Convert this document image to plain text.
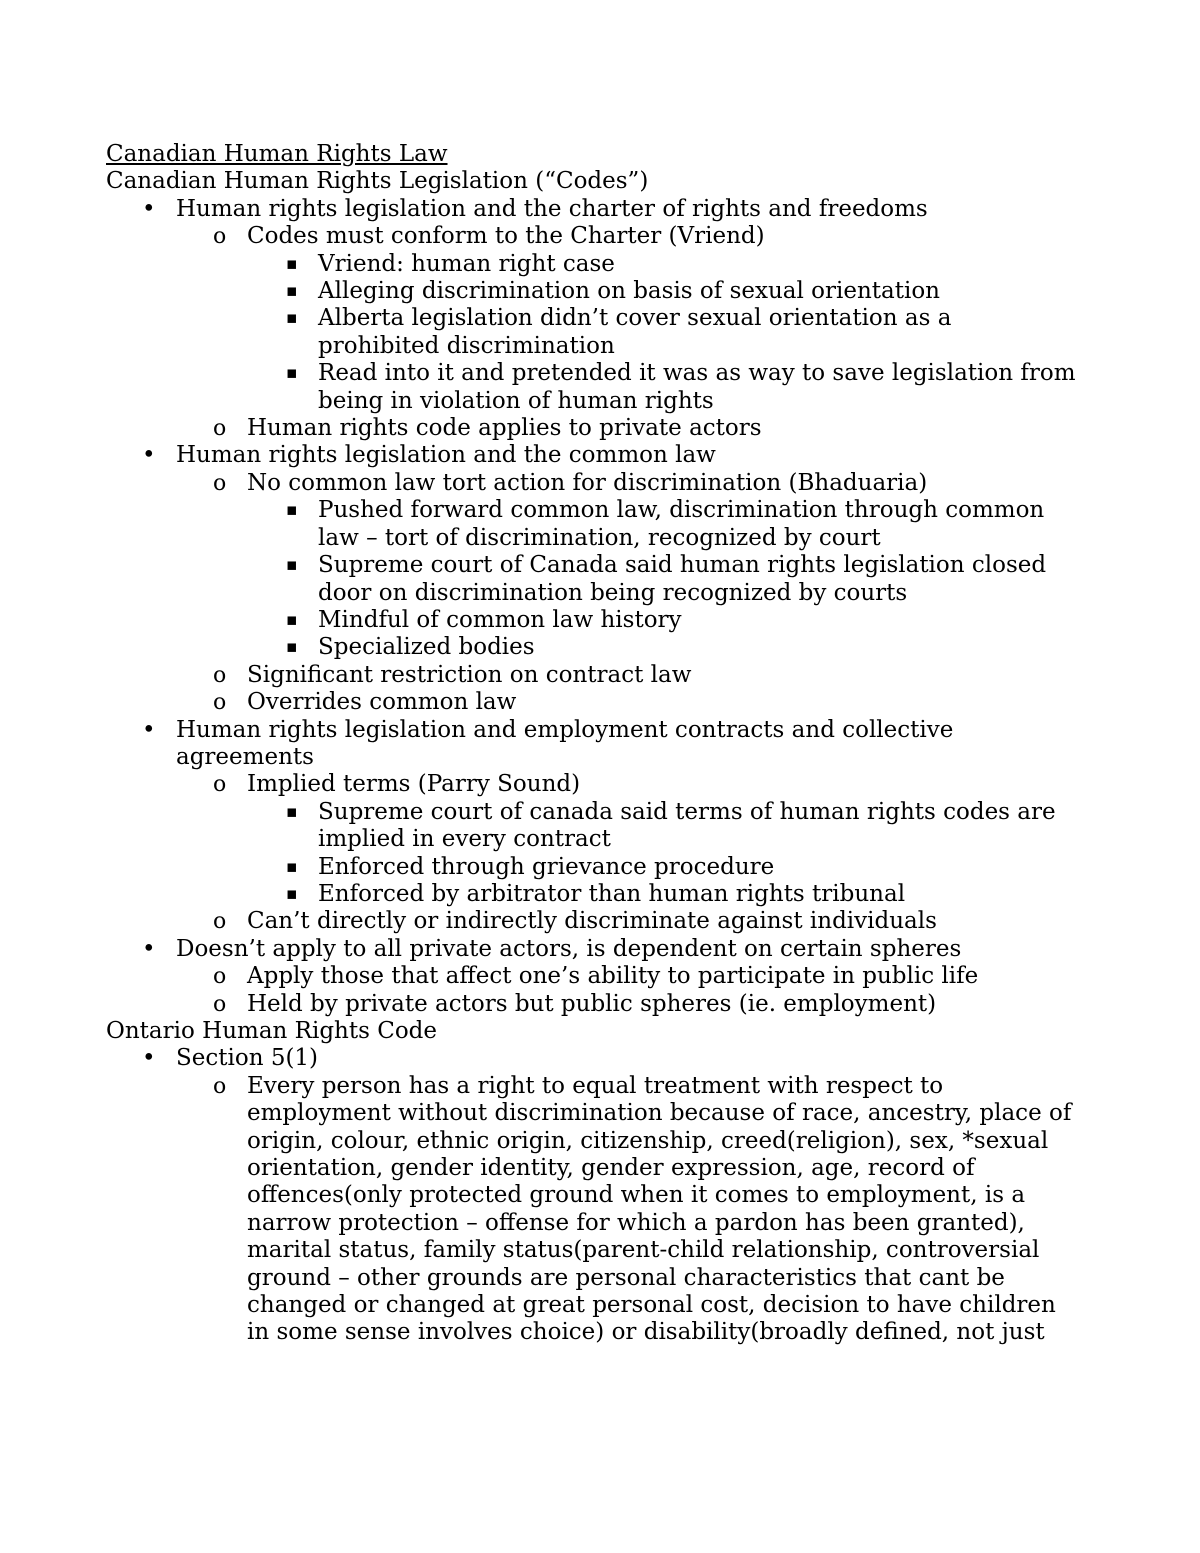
Canadian Human Rights Law
Canadian Human Rights Legislation (“Codes”)
• Human rights legislation and the charter of rights and freedoms
o Codes must conform to the Charter (Vriend)
▪ Vriend: human right case
▪ Alleging discrimination on basis of sexual orientation
▪ Alberta legislation didn’t cover sexual orientation as a
prohibited discrimination
▪ Read into it and pretended it was as way to save legislation from
being in violation of human rights
o Human rights code applies to private actors
• Human rights legislation and the common law
o No common law tort action for discrimination (Bhaduaria)
▪ Pushed forward common law, discrimination through common
law – tort of discrimination, recognized by court
▪ Supreme court of Canada said human rights legislation closed
door on discrimination being recognized by courts
▪ Mindful of common law history
▪ Specialized bodies
o Significant restriction on contract law
o Overrides common law
• Human rights legislation and employment contracts and collective
agreements
o Implied terms (Parry Sound)
▪ Supreme court of canada said terms of human rights codes are
implied in every contract
▪ Enforced through grievance procedure
▪ Enforced by arbitrator than human rights tribunal
o Can’t directly or indirectly discriminate against individuals
• Doesn’t apply to all private actors, is dependent on certain spheres
o Apply those that affect one’s ability to participate in public life
o Held by private actors but public spheres (ie. employment)
Ontario Human Rights Code
• Section 5(1)
o Every person has a right to equal treatment with respect to
employment without discrimination because of race, ancestry, place of
origin, colour, ethnic origin, citizenship, creed(religion), sex, *sexual
orientation, gender identity, gender expression, age, record of
offences(only protected ground when it comes to employment, is a
narrow protection – offense for which a pardon has been granted),
marital status, family status(parent-child relationship, controversial
ground – other grounds are personal characteristics that cant be
changed or changed at great personal cost, decision to have children
in some sense involves choice) or disability(broadly defined, not just
